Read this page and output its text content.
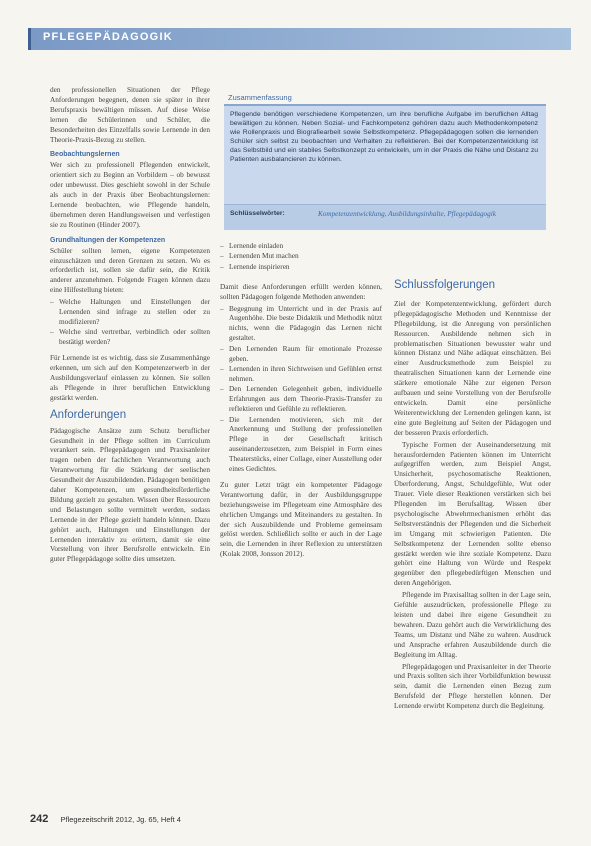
PFLEGEPÄDAGOGIK

den professionellen Situationen der Pflege Anforderungen begegnen, denen sie später in ihrer Berufspraxis bewältigen müssen. Auf diese Weise lernen die Schülerinnen und Schüler, die Besonderheiten des Einzelfalls sowie Lernende in den Theorie-Praxis-Bezug zu stellen.

Beobachtungslernen

Wer sich zu professionell Pflegenden entwickelt, orientiert sich zu Beginn an Vorbildern – ob bewusst oder unbewusst. Dies geschieht sowohl in der Schule als auch in der Praxis über Beobachtungslernen: Lernende beobachten, wie Pflegende handeln, übernehmen deren Handlungsweisen und verfestigen sie zu Routinen (Hinder 2007).

Grundhaltungen der Kompetenzen

Schüler sollten lernen, eigene Kompetenzen einzuschätzen und deren Grenzen zu setzen. Wo es erforderlich ist, sollen sie dafür sein, die Kritik anderer anzunehmen. Folgende Fragen können dazu eine Hilfestellung bieten:

– Welche Haltungen und Einstellungen der Lernenden sind infrage zu stellen oder zu modifizieren?
– Welche sind vertretbar, verbindlich oder sollten bestätigt werden?

Für Lernende ist es wichtig, dass sie Zusammenhänge erkennen, um sich auf den Kompetenzerwerb in der Ausbildungsverlauf einlassen zu können. Sie sollen als Pflegende in ihrer beruflichen Entwicklung gestärkt werden.

Anforderungen

Pädagogische Ansätze zum Schutz beruflicher Gesundheit in der Pflege sollten im Curriculum verankert sein. Pflegepädagogen und Praxisanleiter tragen neben der fachlichen Verantwortung auch Verantwortung für die Stärkung der seelischen Gesundheit der Auszubildenden. Pädagogen benötigen daher Kompetenzen, um gesundheitsförderliche Bildung gezielt zu gestalten. Wissen über Ressourcen und Belastungen sollte vermittelt werden, sodass Lernende in der Pflege gezielt handeln können. Dazu gehört auch, Haltungen und Einstellungen der Lernenden interaktiv zu erörtern, damit sie eine Vorstellung von ihrer Berufsrolle entwickeln. Ein guter Pflegepädagoge sollte dies umsetzen.

Zusammenfassung
Pflegende benötigen verschiedene Kompetenzen, um ihre berufliche Aufgabe im beruflichen Alltag bewältigen zu können. Neben Sozial- und Fachkompetenz gehören dazu auch Methodenkompetenz wie Rollenpraxis und Biografiearbeit sowie Selbstkompetenz. Pflegepädagogen sollen die lernenden Schüler sich selbst zu beobachten und Verhalten zu reflektieren. Bei der Kompetenzentwicklung ist das Selbstbild und ein stabiles Selbstkonzept zu entwickeln, um in der Praxis die Nähe und Distanz zu Patienten ausbalancieren zu können.
Schlüsselwörter:	Kompetenzentwicklung, Ausbildungsinhalte, Pflegepädagogik
– Lernende einladen
– Lernenden Mut machen
– Lernende inspirieren

Damit diese Anforderungen erfüllt werden können, sollten Pädagogen folgende Methoden anwenden:

– Begegnung im Unterricht und in der Praxis auf Augenhöhe. Die beste Didaktik und Methodik nützt nichts, wenn die Pädagogin das Lernen nicht gestaltet.
– Den Lernenden Raum für emotionale Prozesse geben.
– Lernenden in ihren Sichtweisen und Gefühlen ernst nehmen.
– Den Lernenden Gelegenheit geben, individuelle Erfahrungen aus dem Theorie-Praxis-Transfer zu reflektieren und Gefühle zu reflektieren.
– Die Lernenden motivieren, sich mit der Anerkennung und Stellung der professionellen Pflege in der Gesellschaft kritisch auseinanderzusetzen, zum Beispiel in Form eines Theaterstücks, einer Collage, einer Ausstellung oder eines Gedichtes.

Zu guter Letzt trägt ein kompetenter Pädagoge Verantwortung dafür, in der Ausbildungsgruppe beziehungsweise im Pflegeteam eine Atmosphäre des ehrlichen Umgangs und Miteinanders zu gestalten. In der sich Auszubildende und Probleme gemeinsam gelöst werden. Schließlich sollte er auch in der Lage sein, die Lernenden in ihrer Reflexion zu unterstützen (Kolak 2008, Jonsson 2012).

Schlussfolgerungen

Ziel der Kompetenzentwicklung, gefördert durch pflegepädagogische Methoden und Kenntnisse der Pflegebildung, ist die Anregung von persönlichen Ressourcen. Ausbildende nehmen sich in problematischen Situationen bewusster wahr und können Distanz und Nähe adäquat einschätzen. Bei einer Ausdrucksmethode zum Beispiel zu theatralischen Situationen kann der Lernende eine stärkere emotionale Nähe zur eigenen Person aufbauen und seine Vorstellung von der Berufsrolle entwickeln. Damit eine persönliche Weiterentwicklung der Lernenden gelingen kann, ist eine gute Begleitung auf Seiten der Pädagogen und der besseren Praxis erforderlich.

Typische Formen der Auseinandersetzung mit herausfordernden Patienten können im Unterricht aufgegriffen werden, zum Beispiel Angst, Unsicherheit, psychosomatische Reaktionen, Überforderung, Angst, Schuldgefühle, Wut oder Trauer. Viele dieser Reaktionen verstärken sich bei Pflegenden im Berufsalltag. Wissen über psychologische Abwehrmechanismen erhöht das Selbstverständnis der Pflegenden und die Sicherheit im Umgang mit schwierigen Patienten. Die Selbstkompetenz der Lernenden sollte ebenso gestärkt werden wie ihre soziale Kompetenz. Dazu gehört eine Haltung von Würde und Respekt gegenüber den pflegebedürftigen Menschen und deren Angehörigen.

Pflegende im Praxisalltag sollten in der Lage sein, Gefühle auszudrücken, professionelle Pflege zu leisten und dabei ihre eigene Gesundheit zu bewahren. Dazu gehört auch die Verwirklichung des Teams, um Distanz und Nähe zu wahren. Ausdruck und Ansprache erfahren Auszubildende durch die Begleitung im Alltag.

Pflegepädagogen und Praxisanleiter in der Theorie und Praxis sollten sich ihrer Vorbildfunktion bewusst sein, damit die Lernenden einen Bezug zum Berufsfeld der Pflege herstellen können. Der Lernende erwirbt Kompetenz durch die Begleitung.

242 Pflegezeitschrift 2012, Jg. 65, Heft 4
